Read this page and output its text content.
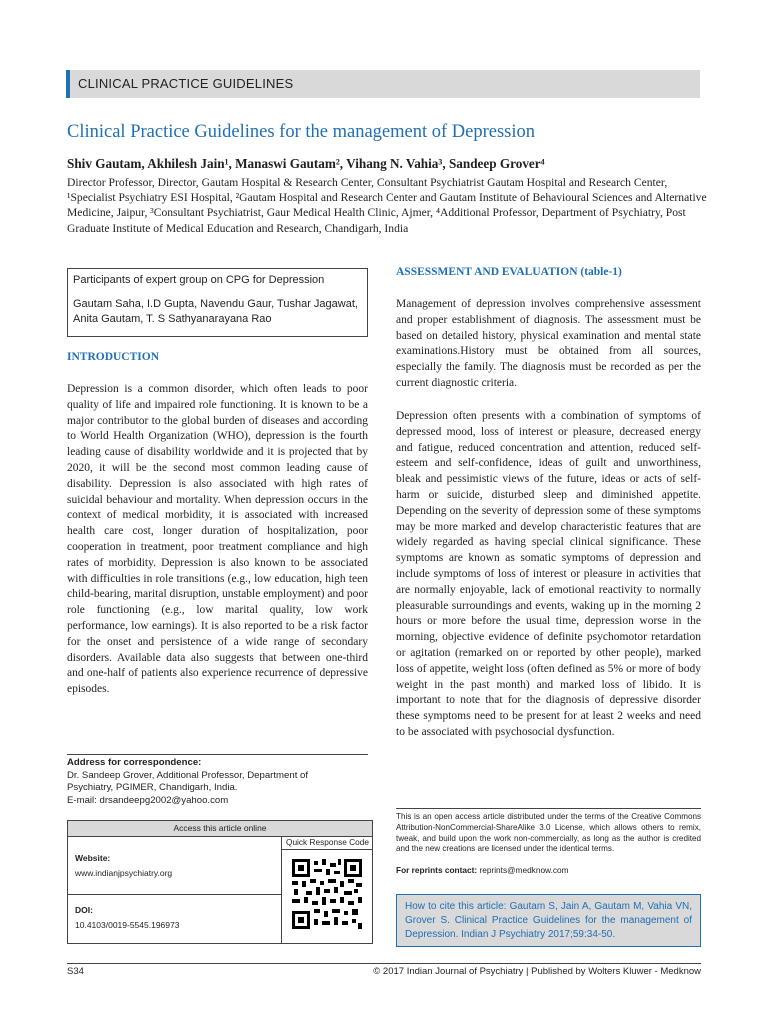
CLINICAL PRACTICE GUIDELINES
Clinical Practice Guidelines for the management of Depression
Shiv Gautam, Akhilesh Jain¹, Manaswi Gautam², Vihang N. Vahia³, Sandeep Grover⁴
Director Professor, Director, Gautam Hospital & Research Center, Consultant Psychiatrist Gautam Hospital and Research Center, ¹Specialist Psychiatry ESI Hospital, ²Gautam Hospital and Research Center and Gautam Institute of Behavioural Sciences and Alternative Medicine, Jaipur, ³Consultant Psychiatrist, Gaur Medical Health Clinic, Ajmer, ⁴Additional Professor, Department of Psychiatry, Post Graduate Institute of Medical Education and Research, Chandigarh, India

Participants of expert group on CPG for Depression

Gautam Saha, I.D Gupta, Navendu Gaur, Tushar Jagawat, Anita Gautam, T. S Sathyanarayana Rao

INTRODUCTION

Depression is a common disorder, which often leads to poor quality of life and impaired role functioning. It is known to be a major contributor to the global burden of diseases and according to World Health Organization (WHO), depression is the fourth leading cause of disability worldwide and it is projected that by 2020, it will be the second most common leading cause of disability. Depression is also associated with high rates of suicidal behaviour and mortality. When depression occurs in the context of medical morbidity, it is associated with increased health care cost, longer duration of hospitalization, poor cooperation in treatment, poor treatment compliance and high rates of morbidity. Depression is also known to be associated with difficulties in role transitions (e.g., low education, high teen child-bearing, marital disruption, unstable employment) and poor role functioning (e.g., low marital quality, low work performance, low earnings). It is also reported to be a risk factor for the onset and persistence of a wide range of secondary disorders. Available data also suggests that between one-third and one-half of patients also experience recurrence of depressive episodes.

Address for correspondence:
Dr. Sandeep Grover, Additional Professor, Department of
Psychiatry, PGIMER, Chandigarh, India.
E-mail: drsandeepg2002@yahoo.com
Access this article online
Website:
www.indianjpsychiatry.org
DOI:
10.4103/0019-5545.196973
Quick Response Code
ASSESSMENT AND EVALUATION (table-1)

Management of depression involves comprehensive assessment and proper establishment of diagnosis. The assessment must be based on detailed history, physical examination and mental state examinations.History must be obtained from all sources, especially the family. The diagnosis must be recorded as per the current diagnostic criteria.

Depression often presents with a combination of symptoms of depressed mood, loss of interest or pleasure, decreased energy and fatigue, reduced concentration and attention, reduced self-esteem and self-confidence, ideas of guilt and unworthiness, bleak and pessimistic views of the future, ideas or acts of self-harm or suicide, disturbed sleep and diminished appetite. Depending on the severity of depression some of these symptoms may be more marked and develop characteristic features that are widely regarded as having special clinical significance. These symptoms are known as somatic symptoms of depression and include symptoms of loss of interest or pleasure in activities that are normally enjoyable, lack of emotional reactivity to normally pleasurable surroundings and events, waking up in the morning 2 hours or more before the usual time, depression worse in the morning, objective evidence of definite psychomotor retardation or agitation (remarked on or reported by other people), marked loss of appetite, weight loss (often defined as 5% or more of body weight in the past month) and marked loss of libido. It is important to note that for the diagnosis of depressive disorder these symptoms need to be present for at least 2 weeks and need to be associated with psychosocial dysfunction.

This is an open access article distributed under the terms of the Creative Commons Attribution-NonCommercial-ShareAlike 3.0 License, which allows others to remix, tweak, and build upon the work non-commercially, as long as the author is credited and the new creations are licensed under the identical terms.

For reprints contact: reprints@medknow.com
How to cite this article: Gautam S, Jain A, Gautam M, Vahia VN, Grover S. Clinical Practice Guidelines for the management of Depression. Indian J Psychiatry 2017;59:34-50.
S34	© 2017 Indian Journal of Psychiatry | Published by Wolters Kluwer - Medknow
